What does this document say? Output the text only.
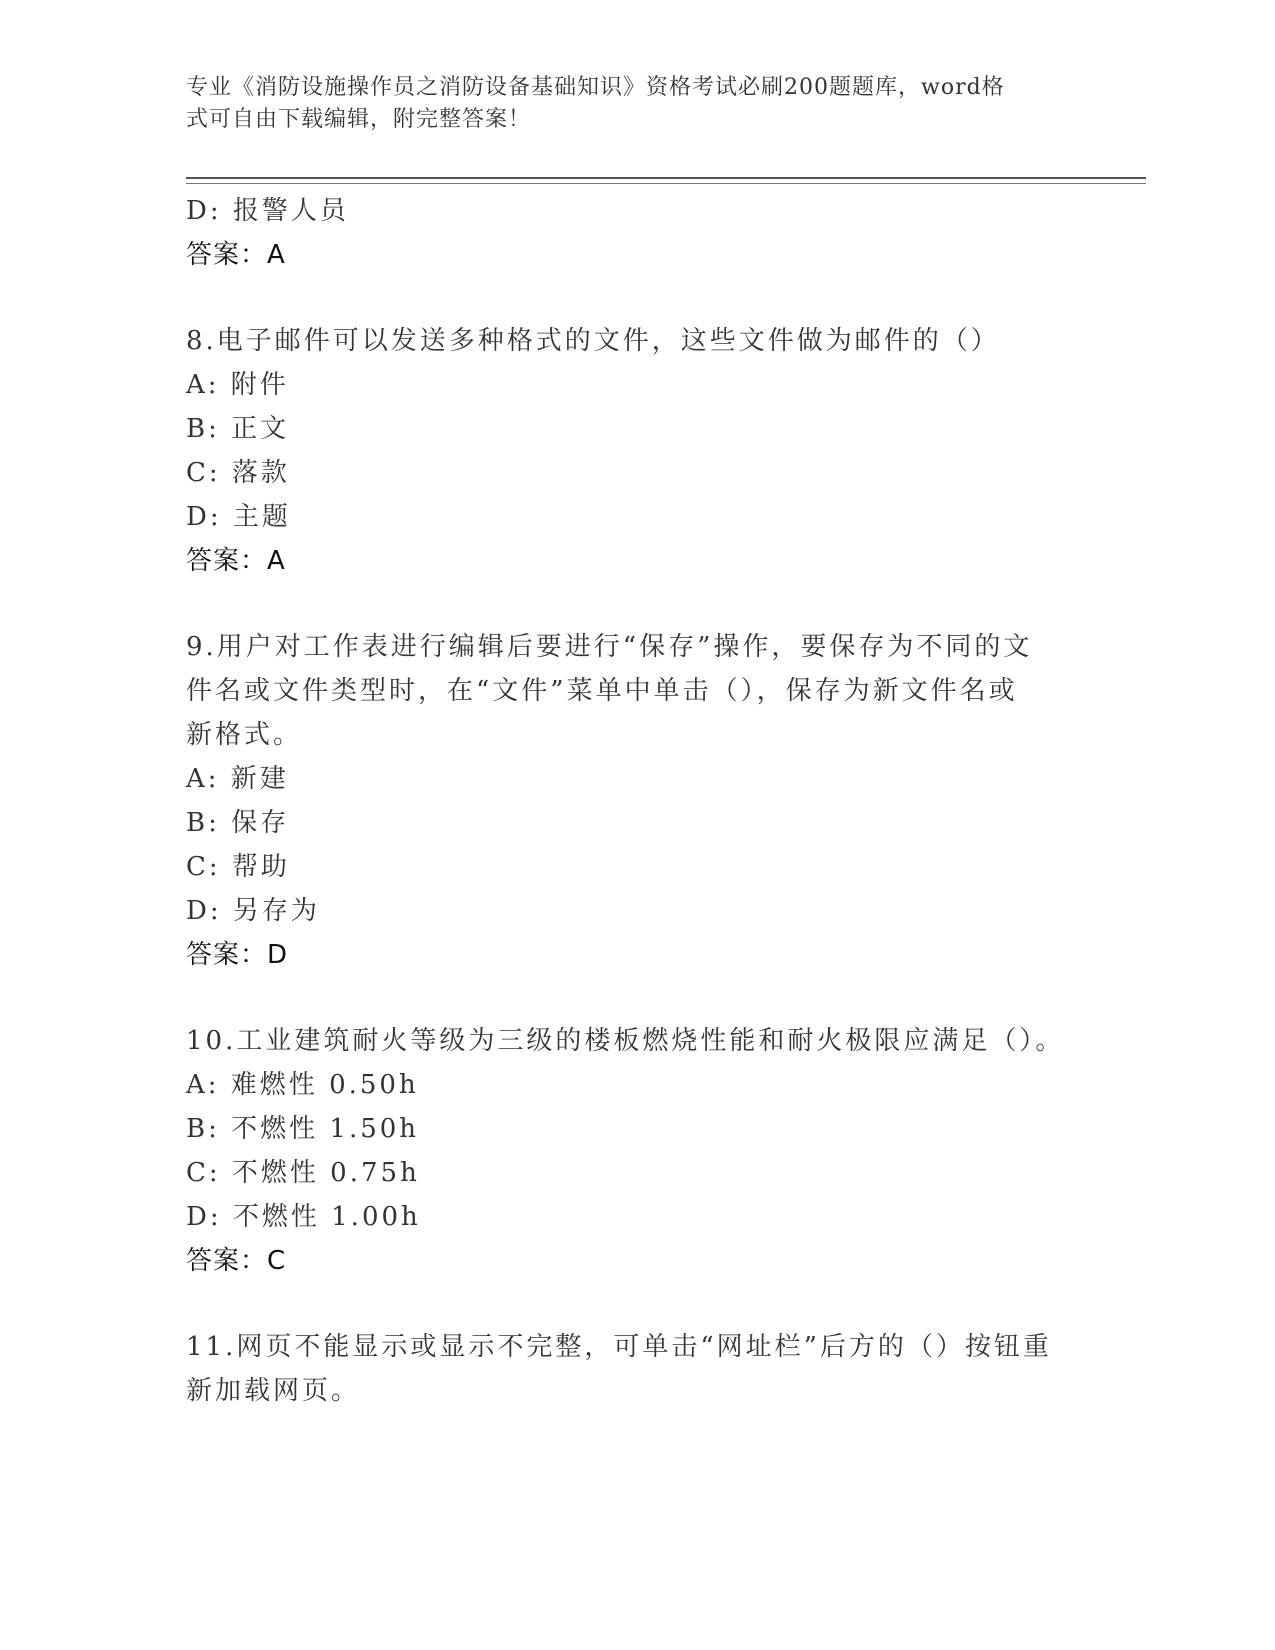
专业《消防设施操作员之消防设备基础知识》资格考试必刷200题题库，word格
式可自由下载编辑，附完整答案！
D: 报警人员
答案：A
8.电子邮件可以发送多种格式的文件，这些文件做为邮件的（）
A: 附件
B: 正文
C: 落款
D: 主题
答案：A
9.用户对工作表进行编辑后要进行“保存”操作，要保存为不同的文
件名或文件类型时，在“文件”菜单中单击（），保存为新文件名或
新格式。
A: 新建
B: 保存
C: 帮助
D: 另存为
答案：D
10.工业建筑耐火等级为三级的楼板燃烧性能和耐火极限应满足（）。
A: 难燃性 0.50h
B: 不燃性 1.50h
C: 不燃性 0.75h
D: 不燃性 1.00h
答案：C
11.网页不能显示或显示不完整，可单击“网址栏”后方的（）按钮重
新加载网页。
